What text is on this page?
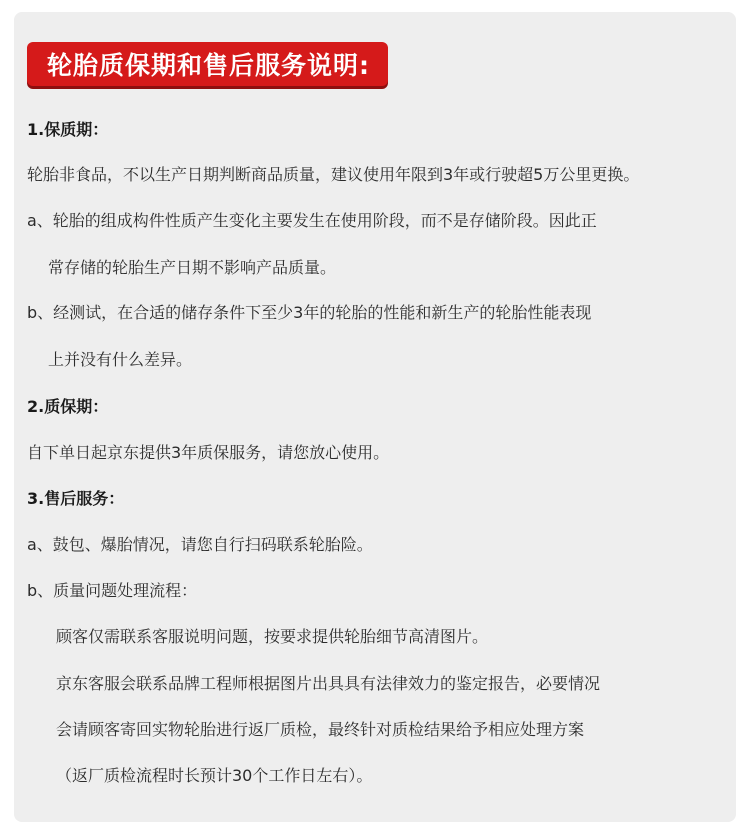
轮胎质保期和售后服务说明:
1.保质期：
轮胎非食品，不以生产日期判断商品质量，建议使用年限到3年或行驶超5万公里更换。
a、轮胎的组成构件性质产生变化主要发生在使用阶段，而不是存储阶段。因此正
常存储的轮胎生产日期不影响产品质量。
b、经测试，在合适的储存条件下至少3年的轮胎的性能和新生产的轮胎性能表现
上并没有什么差异。
2.质保期：
自下单日起京东提供3年质保服务，请您放心使用。
3.售后服务：
a、鼓包、爆胎情况，请您自行扫码联系轮胎险。
b、质量问题处理流程：
顾客仅需联系客服说明问题，按要求提供轮胎细节高清图片。
京东客服会联系品牌工程师根据图片出具具有法律效力的鉴定报告，必要情况
会请顾客寄回实物轮胎进行返厂质检，最终针对质检结果给予相应处理方案
（返厂质检流程时长预计30个工作日左右）。
